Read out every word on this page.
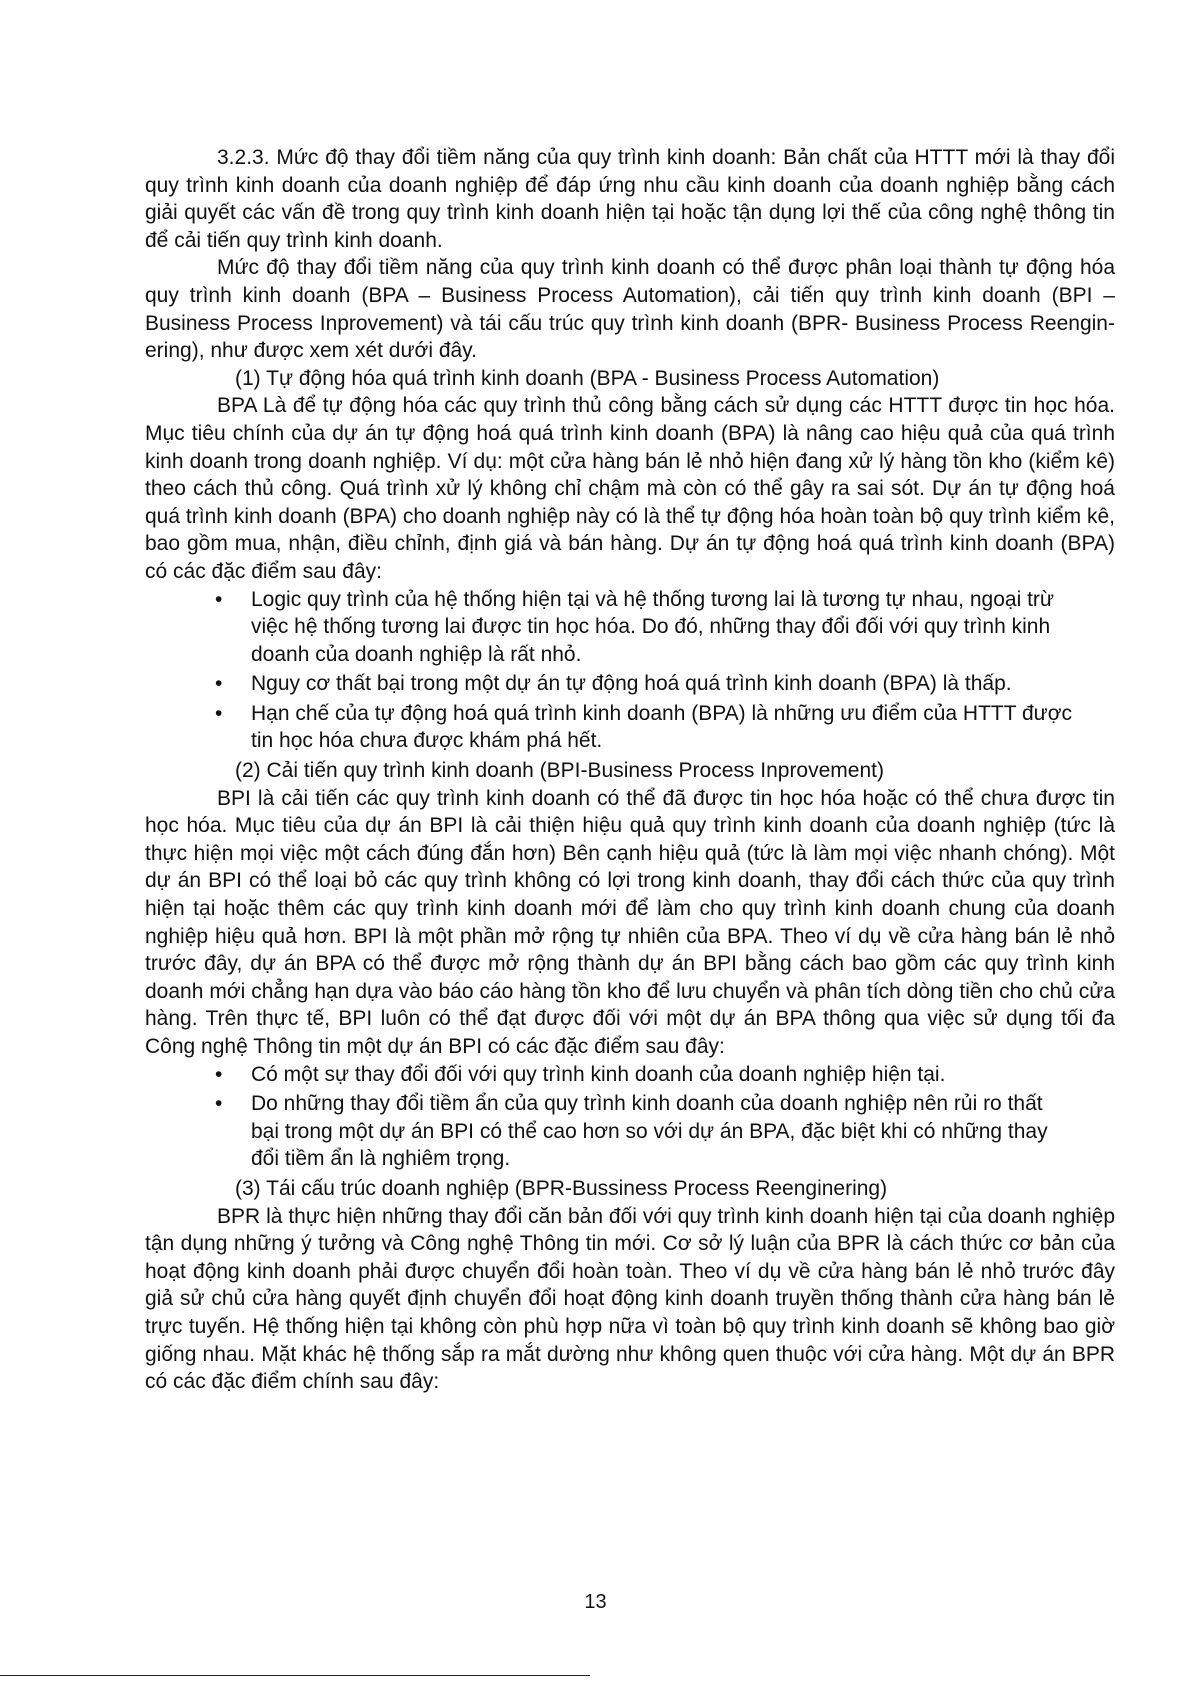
3.2.3. Mức độ thay đổi tiềm năng của quy trình kinh doanh: Bản chất của HTTT mới là thay đổi quy trình kinh doanh của doanh nghiệp để đáp ứng nhu cầu kinh doanh của doanh nghiệp bằng cách giải quyết các vấn đề trong quy trình kinh doanh hiện tại hoặc tận dụng lợi thế của công nghệ thông tin để cải tiến quy trình kinh doanh.

Mức độ thay đổi tiềm năng của quy trình kinh doanh có thể được phân loại thành tự động hóa quy trình kinh doanh (BPA – Business Process Automation), cải tiến quy trình kinh doanh (BPI – Business Process Inprovement) và tái cấu trúc quy trình kinh doanh (BPR- Business Process Reenginering), như được xem xét dưới đây.

(1) Tự động hóa quá trình kinh doanh (BPA - Business Process Automation)

BPA Là để tự động hóa các quy trình thủ công bằng cách sử dụng các HTTT được tin học hóa. Mục tiêu chính của dự án tự động hoá quá trình kinh doanh (BPA) là nâng cao hiệu quả của quá trình kinh doanh trong doanh nghiệp. Ví dụ: một cửa hàng bán lẻ nhỏ hiện đang xử lý hàng tồn kho (kiểm kê) theo cách thủ công. Quá trình xử lý không chỉ chậm mà còn có thể gây ra sai sót. Dự án tự động hoá quá trình kinh doanh (BPA) cho doanh nghiệp này có là thể tự động hóa hoàn toàn bộ quy trình kiểm kê, bao gồm mua, nhận, điều chỉnh, định giá và bán hàng. Dự án tự động hoá quá trình kinh doanh (BPA) có các đặc điểm sau đây:

• Logic quy trình của hệ thống hiện tại và hệ thống tương lai là tương tự nhau, ngoại trừ việc hệ thống tương lai được tin học hóa. Do đó, những thay đổi đối với quy trình kinh doanh của doanh nghiệp là rất nhỏ.
• Nguy cơ thất bại trong một dự án tự động hoá quá trình kinh doanh (BPA) là thấp.
• Hạn chế của tự động hoá quá trình kinh doanh (BPA) là những ưu điểm của HTTT được tin học hóa chưa được khám phá hết.

(2) Cải tiến quy trình kinh doanh (BPI-Business Process Inprovement)

BPI là cải tiến các quy trình kinh doanh có thể đã được tin học hóa hoặc có thể chưa được tin học hóa. Mục tiêu của dự án BPI là cải thiện hiệu quả quy trình kinh doanh của doanh nghiệp (tức là thực hiện mọi việc một cách đúng đắn hơn) Bên cạnh hiệu quả (tức là làm mọi việc nhanh chóng). Một dự án BPI có thể loại bỏ các quy trình không có lợi trong kinh doanh, thay đổi cách thức của quy trình hiện tại hoặc thêm các quy trình kinh doanh mới để làm cho quy trình kinh doanh chung của doanh nghiệp hiệu quả hơn. BPI là một phần mở rộng tự nhiên của BPA. Theo ví dụ về cửa hàng bán lẻ nhỏ trước đây, dự án BPA có thể được mở rộng thành dự án BPI bằng cách bao gồm các quy trình kinh doanh mới chẳng hạn dựa vào báo cáo hàng tồn kho để lưu chuyển và phân tích dòng tiền cho chủ cửa hàng. Trên thực tế, BPI luôn có thể đạt được đối với một dự án BPA thông qua việc sử dụng tối đa Công nghệ Thông tin một dự án BPI có các đặc điểm sau đây:

• Có một sự thay đổi đối với quy trình kinh doanh của doanh nghiệp hiện tại.
• Do những thay đổi tiềm ẩn của quy trình kinh doanh của doanh nghiệp nên rủi ro thất bại trong một dự án BPI có thể cao hơn so với dự án BPA, đặc biệt khi có những thay đổi tiềm ẩn là nghiêm trọng.

(3) Tái cấu trúc doanh nghiệp (BPR-Bussiness Process Reenginering)

BPR là thực hiện những thay đổi căn bản đối với quy trình kinh doanh hiện tại của doanh nghiệp tận dụng những ý tưởng và Công nghệ Thông tin mới. Cơ sở lý luận của BPR là cách thức cơ bản của hoạt động kinh doanh phải được chuyển đổi hoàn toàn. Theo ví dụ về cửa hàng bán lẻ nhỏ trước đây giả sử chủ cửa hàng quyết định chuyển đổi hoạt động kinh doanh truyền thống thành cửa hàng bán lẻ trực tuyến. Hệ thống hiện tại không còn phù hợp nữa vì toàn bộ quy trình kinh doanh sẽ không bao giờ giống nhau. Mặt khác hệ thống sắp ra mắt dường như không quen thuộc với cửa hàng. Một dự án BPR có các đặc điểm chính sau đây:

13
